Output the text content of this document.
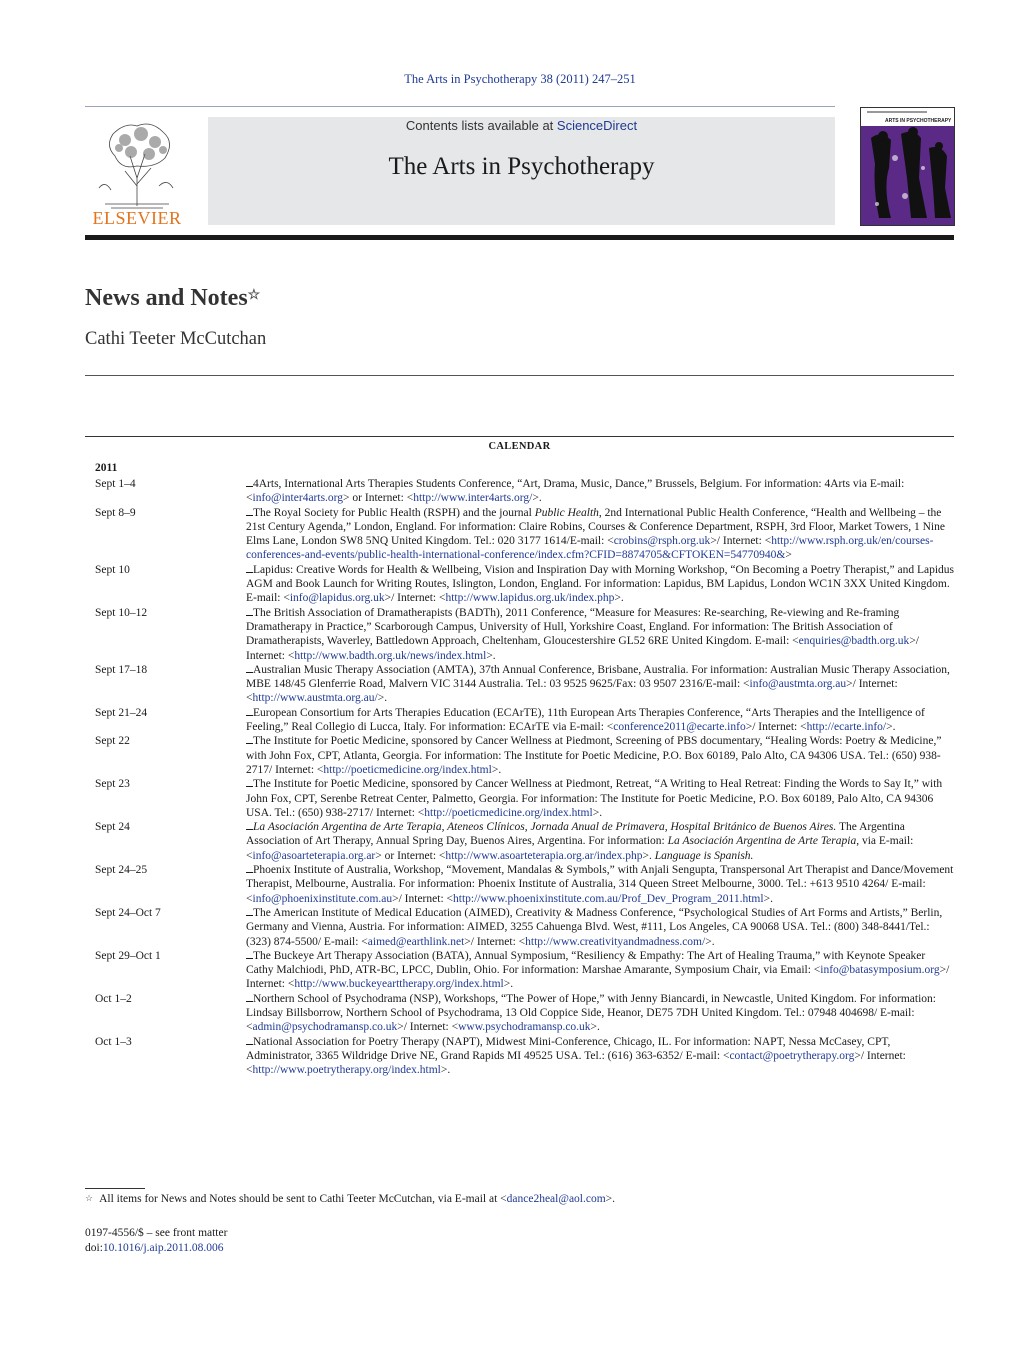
The Arts in Psychotherapy 38 (2011) 247–251
ELSEVIER
Contents lists available at ScienceDirect
The Arts in Psychotherapy
ARTS IN PSYCHOTHERAPY
News and Notes☆
Cathi Teeter McCutchan
CALENDAR
2011
Sept 1–4	4Arts, International Arts Therapies Students Conference, “Art, Drama, Music, Dance,” Brussels, Belgium. For information: 4Arts via E-mail: <info@inter4arts.org> or Internet: <http://www.inter4arts.org/>.
Sept 8–9	The Royal Society for Public Health (RSPH) and the journal Public Health, 2nd International Public Health Conference, “Health and Wellbeing – the 21st Century Agenda,” London, England. For information: Claire Robins, Courses & Conference Department, RSPH, 3rd Floor, Market Towers, 1 Nine Elms Lane, London SW8 5NQ United Kingdom. Tel.: 020 3177 1614/E-mail: <crobins@rsph.org.uk>/ Internet: <http://www.rsph.org.uk/en/courses-conferences-and-events/public-health-international-conference/index.cfm?CFID=8874705&CFTOKEN=54770940&>
Sept 10	Lapidus: Creative Words for Health & Wellbeing, Vision and Inspiration Day with Morning Workshop, “On Becoming a Poetry Therapist,” and Lapidus AGM and Book Launch for Writing Routes, Islington, London, England. For information: Lapidus, BM Lapidus, London WC1N 3XX United Kingdom. E-mail: <info@lapidus.org.uk>/ Internet: <http://www.lapidus.org.uk/index.php>.
Sept 10–12	The British Association of Dramatherapists (BADTh), 2011 Conference, “Measure for Measures: Re-searching, Re-viewing and Re-framing Dramatherapy in Practice,” Scarborough Campus, University of Hull, Yorkshire Coast, England. For information: The British Association of Dramatherapists, Waverley, Battledown Approach, Cheltenham, Gloucestershire GL52 6RE United Kingdom. E-mail: <enquiries@badth.org.uk>/ Internet: <http://www.badth.org.uk/news/index.html>.
Sept 17–18	Australian Music Therapy Association (AMTA), 37th Annual Conference, Brisbane, Australia. For information: Australian Music Therapy Association, MBE 148/45 Glenferrie Road, Malvern VIC 3144 Australia. Tel.: 03 9525 9625/Fax: 03 9507 2316/E-mail: <info@austmta.org.au>/ Internet: <http://www.austmta.org.au/>.
Sept 21–24	European Consortium for Arts Therapies Education (ECArTE), 11th European Arts Therapies Conference, “Arts Therapies and the Intelligence of Feeling,” Real Collegio di Lucca, Italy. For information: ECArTE via E-mail: <conference2011@ecarte.info>/ Internet: <http://ecarte.info/>.
Sept 22	The Institute for Poetic Medicine, sponsored by Cancer Wellness at Piedmont, Screening of PBS documentary, “Healing Words: Poetry & Medicine,” with John Fox, CPT, Atlanta, Georgia. For information: The Institute for Poetic Medicine, P.O. Box 60189, Palo Alto, CA 94306 USA. Tel.: (650) 938-2717/ Internet: <http://poeticmedicine.org/index.html>.
Sept 23	The Institute for Poetic Medicine, sponsored by Cancer Wellness at Piedmont, Retreat, “A Writing to Heal Retreat: Finding the Words to Say It,” with John Fox, CPT, Serenbe Retreat Center, Palmetto, Georgia. For information: The Institute for Poetic Medicine, P.O. Box 60189, Palo Alto, CA 94306 USA. Tel.: (650) 938-2717/ Internet: <http://poeticmedicine.org/index.html>.
Sept 24	La Asociación Argentina de Arte Terapia, Ateneos Clínicos, Jornada Anual de Primavera, Hospital Británico de Buenos Aires. The Argentina Association of Art Therapy, Annual Spring Day, Buenos Aires, Argentina. For information: La Asociación Argentina de Arte Terapia, via E-mail: <info@asoarteterapia.org.ar> or Internet: <http://www.asoarteterapia.org.ar/index.php>. Language is Spanish.
Sept 24–25	Phoenix Institute of Australia, Workshop, “Movement, Mandalas & Symbols,” with Anjali Sengupta, Transpersonal Art Therapist and Dance/Movement Therapist, Melbourne, Australia. For information: Phoenix Institute of Australia, 314 Queen Street Melbourne, 3000. Tel.: +613 9510 4264/ E-mail: <info@phoenixinstitute.com.au>/ Internet: <http://www.phoenixinstitute.com.au/Prof_Dev_Program_2011.html>.
Sept 24–Oct 7	The American Institute of Medical Education (AIMED), Creativity & Madness Conference, “Psychological Studies of Art Forms and Artists,” Berlin, Germany and Vienna, Austria. For information: AIMED, 3255 Cahuenga Blvd. West, #111, Los Angeles, CA 90068 USA. Tel.: (800) 348-8441/Tel.: (323) 874-5500/ E-mail: <aimed@earthlink.net>/ Internet: <http://www.creativityandmadness.com/>.
Sept 29–Oct 1	The Buckeye Art Therapy Association (BATA), Annual Symposium, “Resiliency & Empathy: The Art of Healing Trauma,” with Keynote Speaker Cathy Malchiodi, PhD, ATR-BC, LPCC, Dublin, Ohio. For information: Marshae Amarante, Symposium Chair, via Email: <info@batasymposium.org>/ Internet: <http://www.buckeyearttherapy.org/index.html>.
Oct 1–2	Northern School of Psychodrama (NSP), Workshops, “The Power of Hope,” with Jenny Biancardi, in Newcastle, United Kingdom. For information: Lindsay Billsborrow, Northern School of Psychodrama, 13 Old Coppice Side, Heanor, DE75 7DH United Kingdom. Tel.: 07948 404698/ E-mail: <admin@psychodramansp.co.uk>/ Internet: <www.psychodramansp.co.uk>.
Oct 1–3	National Association for Poetry Therapy (NAPT), Midwest Mini-Conference, Chicago, IL. For information: NAPT, Nessa McCasey, CPT, Administrator, 3365 Wildridge Drive NE, Grand Rapids MI 49525 USA. Tel.: (616) 363-6352/ E-mail: <contact@poetrytherapy.org>/ Internet: <http://www.poetrytherapy.org/index.html>.
☆ All items for News and Notes should be sent to Cathi Teeter McCutchan, via E-mail at <dance2heal@aol.com>.
0197-4556/$ – see front matter
doi:10.1016/j.aip.2011.08.006
